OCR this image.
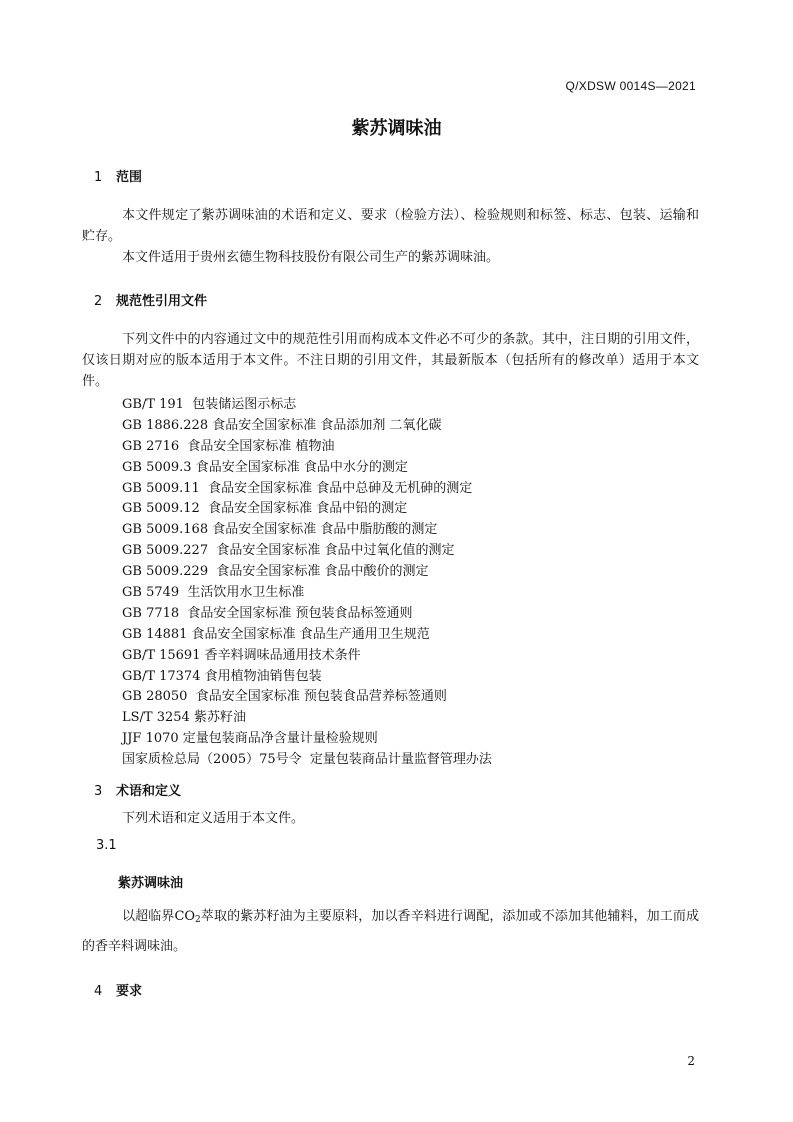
Q/XDSW 0014S—2021
紫苏调味油
1 范围
本文件规定了紫苏调味油的术语和定义、要求（检验方法）、检验规则和标签、标志、包装、运输和贮存。
本文件适用于贵州玄德生物科技股份有限公司生产的紫苏调味油。
2 规范性引用文件
下列文件中的内容通过文中的规范性引用而构成本文件必不可少的条款。其中，注日期的引用文件，仅该日期对应的版本适用于本文件。不注日期的引用文件，其最新版本（包括所有的修改单）适用于本文件。
GB/T 191  包装储运图示标志
GB 1886.228 食品安全国家标准 食品添加剂 二氧化碳
GB 2716  食品安全国家标准 植物油
GB 5009.3 食品安全国家标准 食品中水分的测定
GB 5009.11  食品安全国家标准 食品中总砷及无机砷的测定
GB 5009.12  食品安全国家标准 食品中铅的测定
GB 5009.168 食品安全国家标准 食品中脂肪酸的测定
GB 5009.227  食品安全国家标准 食品中过氧化值的测定
GB 5009.229  食品安全国家标准 食品中酸价的测定
GB 5749  生活饮用水卫生标准
GB 7718  食品安全国家标准 预包装食品标签通则
GB 14881 食品安全国家标准 食品生产通用卫生规范
GB/T 15691 香辛料调味品通用技术条件
GB/T 17374 食用植物油销售包装
GB 28050  食品安全国家标准 预包装食品营养标签通则
LS/T 3254 紫苏籽油
JJF 1070 定量包装商品净含量计量检验规则
国家质检总局（2005）75号令  定量包装商品计量监督管理办法
3 术语和定义
下列术语和定义适用于本文件。
3.1
紫苏调味油
以超临界$CO_2$萃取的紫苏籽油为主要原料，加以香辛料进行调配，添加或不添加其他辅料，加工而成的香辛料调味油。
4 要求
2
